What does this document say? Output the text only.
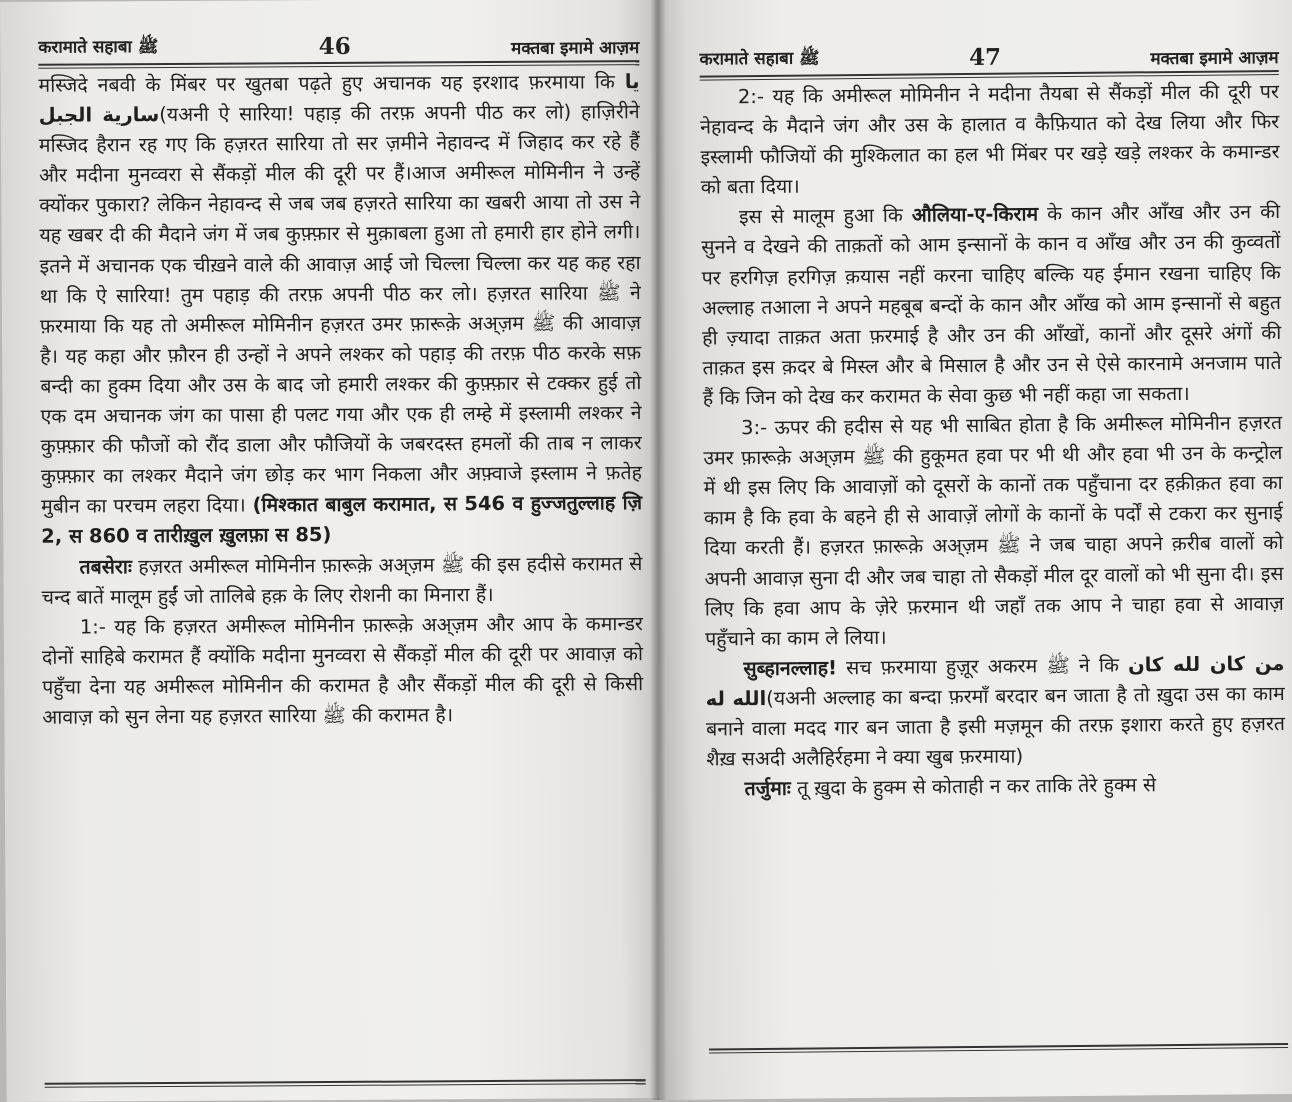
करामाते सहाबा ﷺ	46	मक्तबा इमामे आज़म

मस्जिदे नबवी के मिंबर पर खुतबा पढ़ते हुए अचानक यह इरशाद फ़रमाया कि يا سارية الجبل(यअनी ऐ सारिया! पहाड़ की तरफ़ अपनी पीठ कर लो) हाज़िरीने मस्जिद हैरान रह गए कि हज़रत सारिया तो सर ज़मीने नेहावन्द में जिहाद कर रहे हैं और मदीना मुनव्वरा से सैंकड़ों मील की दूरी पर हैं।आज अमीरूल मोमिनीन ने उन्हें क्योंकर पुकारा? लेकिन नेहावन्द से जब जब हज़रते सारिया का खबरी आया तो उस ने यह खबर दी की मैदाने जंग में जब कुफ़्फ़ार से मुक़ाबला हुआ तो हमारी हार होने लगी। इतने में अचानक एक चीख़ने वाले की आवाज़ आई जो चिल्ला चिल्ला कर यह कह रहा था कि ऐ सारिया! तुम पहाड़ की तरफ़ अपनी पीठ कर लो। हज़रत सारिया ﷺ ने फ़रमाया कि यह तो अमीरूल मोमिनीन हज़रत उमर फ़ारूक़े अअ्ज़म ﷺ की आवाज़ है। यह कहा और फ़ौरन ही उन्हों ने अपने लश्कर को पहाड़ की तरफ़ पीठ करके सफ़ बन्दी का हुक्म दिया और उस के बाद जो हमारी लश्कर की कुफ़्फ़ार से टक्कर हुई तो एक दम अचानक जंग का पासा ही पलट गया और एक ही लम्हे में इस्लामी लश्कर ने कुफ़्फ़ार की फौजों को रौंद डाला और फौजियों के जबरदस्त हमलों की ताब न लाकर कुफ़्फ़ार का लश्कर मैदाने जंग छोड़ कर भाग निकला और अफ़्वाजे इस्लाम ने फ़तेह मुबीन का परचम लहरा दिया। (मिश्कात बाबुल करामात, स 546 व हुज्जतुल्लाह ज़ि 2, स 860 व तारीख़ुल ख़ुलफ़ा स 85)

तबसेराः हज़रत अमीरूल मोमिनीन फ़ारूक़े अअ्ज़म ﷺ की इस हदीसे करामत से चन्द बातें मालूम हुईं जो तालिबे हक़ के लिए रोशनी का मिनारा हैं।

1:- यह कि हज़रत अमीरूल मोमिनीन फ़ारूक़े अअ्ज़म और आप के कमान्डर दोनों साहिबे करामत हैं क्योंकि मदीना मुनव्वरा से सैंकड़ों मील की दूरी पर आवाज़ को पहुँचा देना यह अमीरूल मोमिनीन की करामत है और सैंकड़ों मील की दूरी से किसी आवाज़ को सुन लेना यह हज़रत सारिया ﷺ की करामत है।

करामाते सहाबा ﷺ	47	मक्तबा इमामे आज़म

2:- यह कि अमीरूल मोमिनीन ने मदीना तैयबा से सैंकड़ों मील की दूरी पर नेहावन्द के मैदाने जंग और उस के हालात व कैफ़ियात को देख लिया और फिर इस्लामी फौजियों की मुश्किलात का हल भी मिंबर पर खड़े खड़े लश्कर के कमान्डर को बता दिया।

इस से मालूम हुआ कि औलिया-ए-किराम के कान और आँख और उन की सुनने व देखने की ताक़तों को आम इन्सानों के कान व आँख और उन की कुव्वतों पर हरगिज़ हरगिज़ क़यास नहीं करना चाहिए बल्कि यह ईमान रखना चाहिए कि अल्लाह तआला ने अपने महबूब बन्दों के कान और आँख को आम इन्सानों से बहुत ही ज़्यादा ताक़त अता फ़रमाई है और उन की आँखों, कानों और दूसरे अंगों की ताक़त इस क़दर बे मिस्ल और बे मिसाल है और उन से ऐसे कारनामे अनजाम पाते हैं कि जिन को देख कर करामत के सेवा कुछ भी नहीं कहा जा सकता।

3:- ऊपर की हदीस से यह भी साबित होता है कि अमीरूल मोमिनीन हज़रत उमर फ़ारूक़े अअ्ज़म ﷺ की हुकूमत हवा पर भी थी और हवा भी उन के कन्ट्रोल में थी इस लिए कि आवाज़ों को दूसरों के कानों तक पहुँचाना दर हक़ीक़त हवा का काम है कि हवा के बहने ही से आवाज़ें लोगों के कानों के पर्दों से टकरा कर सुनाई दिया करती हैं। हज़रत फ़ारूक़े अअ्ज़म ﷺ ने जब चाहा अपने क़रीब वालों को अपनी आवाज़ सुना दी और जब चाहा तो सैकड़ों मील दूर वालों को भी सुना दी। इस लिए कि हवा आप के ज़ेरे फ़रमान थी जहाँ तक आप ने चाहा हवा से आवाज़ पहुँचाने का काम ले लिया।

सुब्हानल्लाह! सच फ़रमाया हुज़ूर अकरम ﷺ ने कि من كان لله كان الله له(यअनी अल्लाह का बन्दा फ़रमाँ बरदार बन जाता है तो ख़ुदा उस का काम बनाने वाला मदद गार बन जाता है इसी मज़मून की तरफ़ इशारा करते हुए हज़रत शैख़ सअदी अलैहिर्रहमा ने क्या खुब फ़रमाया)

तर्जुमाः तू ख़ुदा के हुक्म से कोताही न कर ताकि तेरे हुक्म से
